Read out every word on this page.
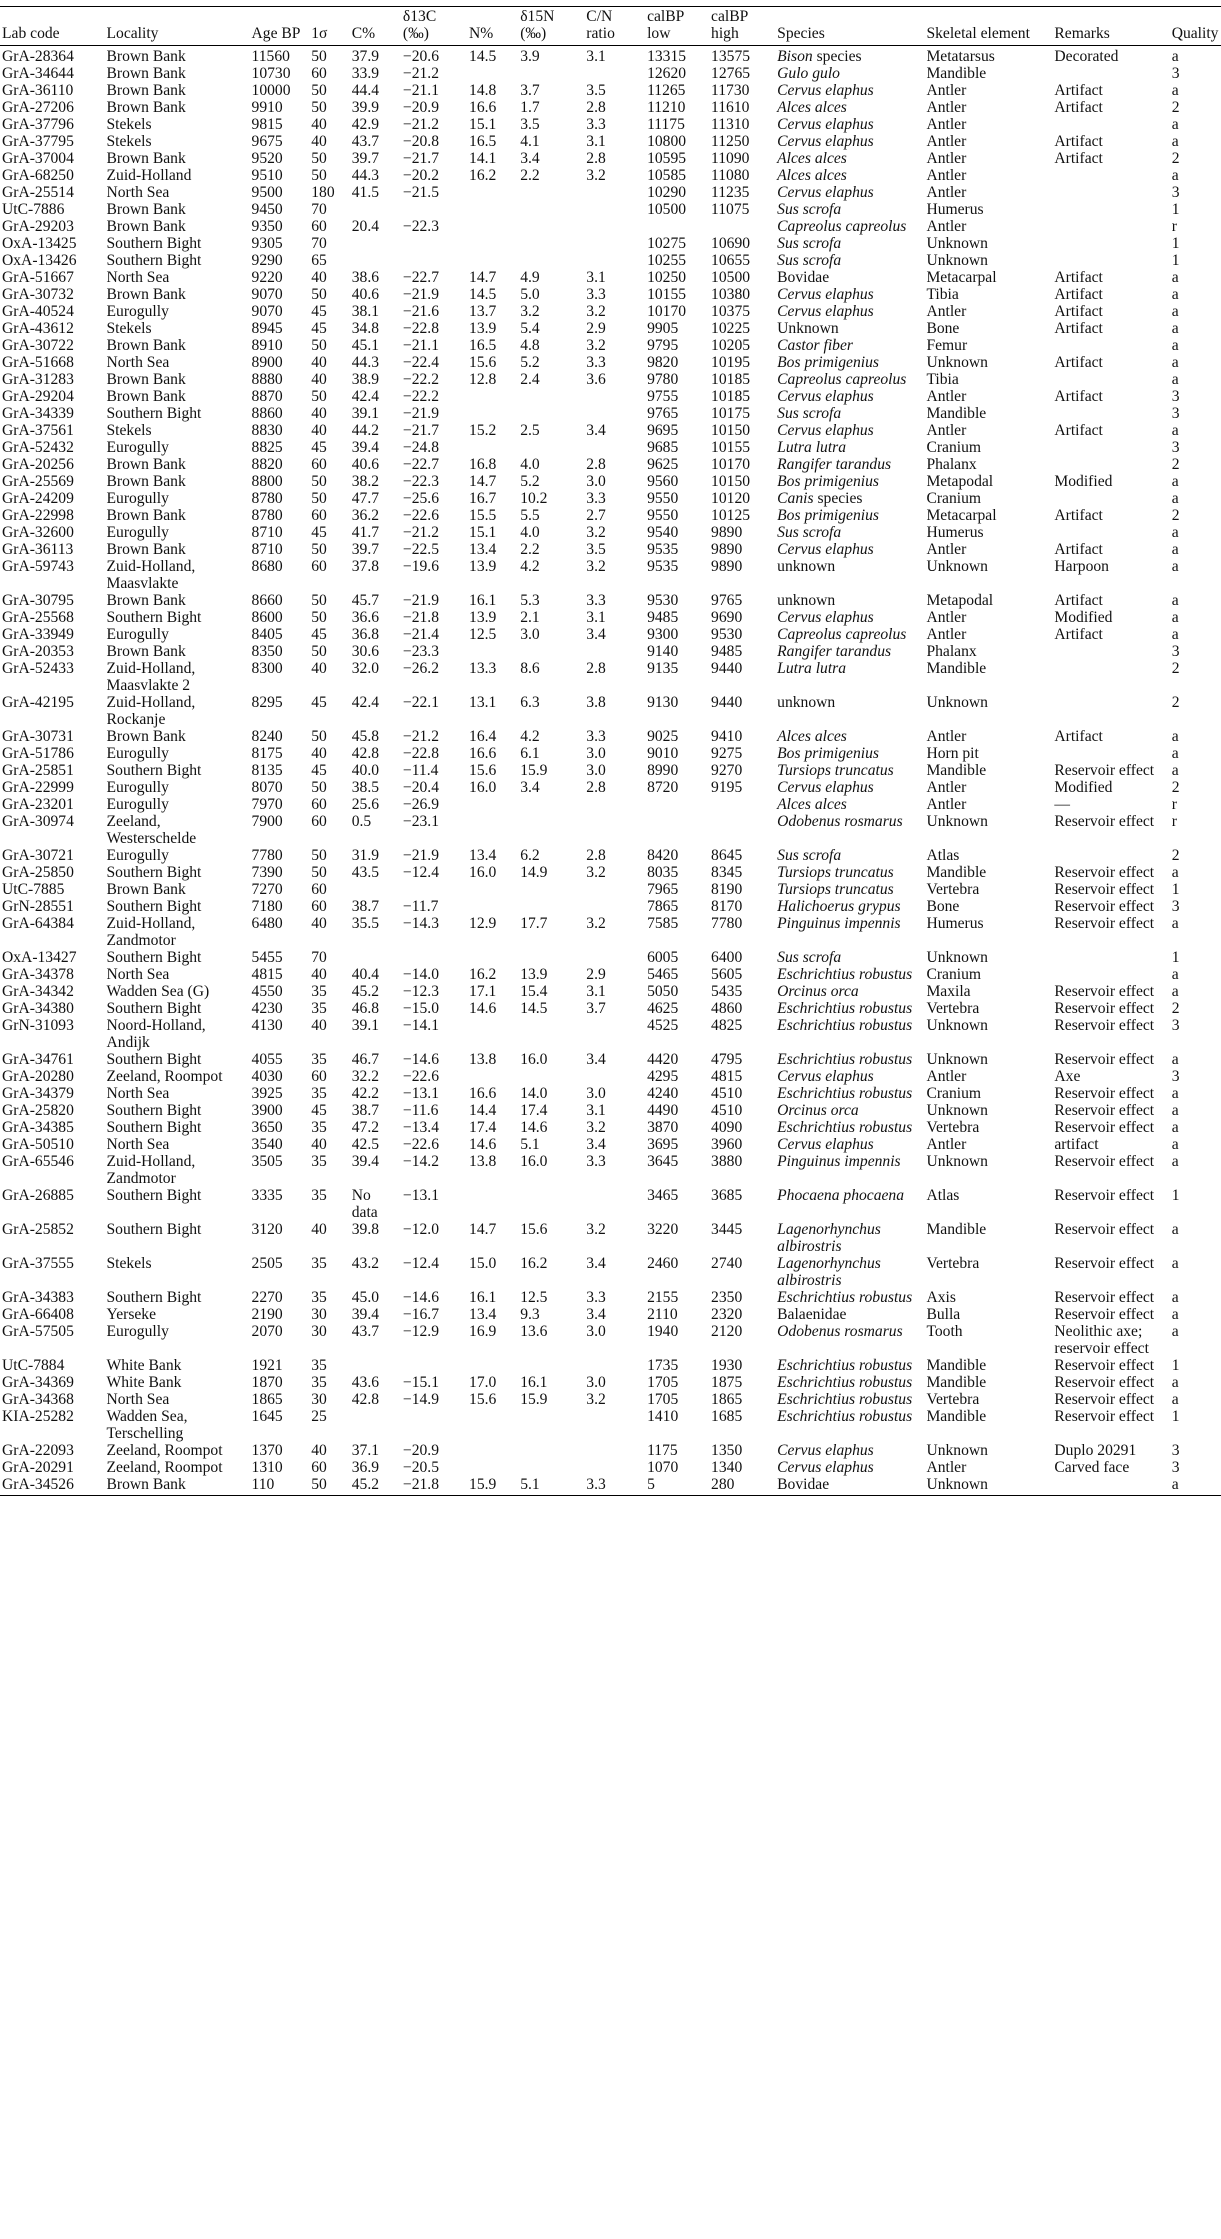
Lab code	Locality	Age BP	1σ	C%	δ13C (‰)	N%	δ15N (‰)	C/N ratio	calBP low	calBP high	Species	Skeletal element	Remarks	Quality
GrA-28364	Brown Bank	11560	50	37.9	−20.6	14.5	3.9	3.1	13315	13575	Bison species	Metatarsus	Decorated	a
GrA-34644	Brown Bank	10730	60	33.9	−21.2				12620	12765	Gulo gulo	Mandible		3
GrA-36110	Brown Bank	10000	50	44.4	−21.1	14.8	3.7	3.5	11265	11730	Cervus elaphus	Antler	Artifact	a
GrA-27206	Brown Bank	9910	50	39.9	−20.9	16.6	1.7	2.8	11210	11610	Alces alces	Antler	Artifact	2
GrA-37796	Stekels	9815	40	42.9	−21.2	15.1	3.5	3.3	11175	11310	Cervus elaphus	Antler		a
GrA-37795	Stekels	9675	40	43.7	−20.8	16.5	4.1	3.1	10800	11250	Cervus elaphus	Antler	Artifact	a
GrA-37004	Brown Bank	9520	50	39.7	−21.7	14.1	3.4	2.8	10595	11090	Alces alces	Antler	Artifact	2
GrA-68250	Zuid-Holland	9510	50	44.3	−20.2	16.2	2.2	3.2	10585	11080	Alces alces	Antler		a
GrA-25514	North Sea	9500	180	41.5	−21.5				10290	11235	Cervus elaphus	Antler		3
UtC-7886	Brown Bank	9450	70						10500	11075	Sus scrofa	Humerus		1
GrA-29203	Brown Bank	9350	60	20.4	−22.3						Capreolus capreolus	Antler		r
OxA-13425	Southern Bight	9305	70						10275	10690	Sus scrofa	Unknown		1
OxA-13426	Southern Bight	9290	65						10255	10655	Sus scrofa	Unknown		1
GrA-51667	North Sea	9220	40	38.6	−22.7	14.7	4.9	3.1	10250	10500	Bovidae	Metacarpal	Artifact	a
GrA-30732	Brown Bank	9070	50	40.6	−21.9	14.5	5.0	3.3	10155	10380	Cervus elaphus	Tibia	Artifact	a
GrA-40524	Eurogully	9070	45	38.1	−21.6	13.7	3.2	3.2	10170	10375	Cervus elaphus	Antler	Artifact	a
GrA-43612	Stekels	8945	45	34.8	−22.8	13.9	5.4	2.9	9905	10225	Unknown	Bone	Artifact	a
GrA-30722	Brown Bank	8910	50	45.1	−21.1	16.5	4.8	3.2	9795	10205	Castor fiber	Femur		a
GrA-51668	North Sea	8900	40	44.3	−22.4	15.6	5.2	3.3	9820	10195	Bos primigenius	Unknown	Artifact	a
GrA-31283	Brown Bank	8880	40	38.9	−22.2	12.8	2.4	3.6	9780	10185	Capreolus capreolus	Tibia		a
GrA-29204	Brown Bank	8870	50	42.4	−22.2				9755	10185	Cervus elaphus	Antler	Artifact	3
GrA-34339	Southern Bight	8860	40	39.1	−21.9				9765	10175	Sus scrofa	Mandible		3
GrA-37561	Stekels	8830	40	44.2	−21.7	15.2	2.5	3.4	9695	10150	Cervus elaphus	Antler	Artifact	a
GrA-52432	Eurogully	8825	45	39.4	−24.8				9685	10155	Lutra lutra	Cranium		3
GrA-20256	Brown Bank	8820	60	40.6	−22.7	16.8	4.0	2.8	9625	10170	Rangifer tarandus	Phalanx		2
GrA-25569	Brown Bank	8800	50	38.2	−22.3	14.7	5.2	3.0	9560	10150	Bos primigenius	Metapodal	Modified	a
GrA-24209	Eurogully	8780	50	47.7	−25.6	16.7	10.2	3.3	9550	10120	Canis species	Cranium		a
GrA-22998	Brown Bank	8780	60	36.2	−22.6	15.5	5.5	2.7	9550	10125	Bos primigenius	Metacarpal	Artifact	2
GrA-32600	Eurogully	8710	45	41.7	−21.2	15.1	4.0	3.2	9540	9890	Sus scrofa	Humerus		a
GrA-36113	Brown Bank	8710	50	39.7	−22.5	13.4	2.2	3.5	9535	9890	Cervus elaphus	Antler	Artifact	a
GrA-59743	Zuid-Holland, Maasvlakte	8680	60	37.8	−19.6	13.9	4.2	3.2	9535	9890	unknown	Unknown	Harpoon	a
GrA-30795	Brown Bank	8660	50	45.7	−21.9	16.1	5.3	3.3	9530	9765	unknown	Metapodal	Artifact	a
GrA-25568	Southern Bight	8600	50	36.6	−21.8	13.9	2.1	3.1	9485	9690	Cervus elaphus	Antler	Modified	a
GrA-33949	Eurogully	8405	45	36.8	−21.4	12.5	3.0	3.4	9300	9530	Capreolus capreolus	Antler	Artifact	a
GrA-20353	Brown Bank	8350	50	30.6	−23.3				9140	9485	Rangifer tarandus	Phalanx		3
GrA-52433	Zuid-Holland, Maasvlakte 2	8300	40	32.0	−26.2	13.3	8.6	2.8	9135	9440	Lutra lutra	Mandible		2
GrA-42195	Zuid-Holland, Rockanje	8295	45	42.4	−22.1	13.1	6.3	3.8	9130	9440	unknown	Unknown		2
GrA-30731	Brown Bank	8240	50	45.8	−21.2	16.4	4.2	3.3	9025	9410	Alces alces	Antler	Artifact	a
GrA-51786	Eurogully	8175	40	42.8	−22.8	16.6	6.1	3.0	9010	9275	Bos primigenius	Horn pit		a
GrA-25851	Southern Bight	8135	45	40.0	−11.4	15.6	15.9	3.0	8990	9270	Tursiops truncatus	Mandible	Reservoir effect	a
GrA-22999	Eurogully	8070	50	38.5	−20.4	16.0	3.4	2.8	8720	9195	Cervus elaphus	Antler	Modified	2
GrA-23201	Eurogully	7970	60	25.6	−26.9						Alces alces	Antler	—	r
GrA-30974	Zeeland, Westerschelde	7900	60	0.5	−23.1						Odobenus rosmarus	Unknown	Reservoir effect	r
GrA-30721	Eurogully	7780	50	31.9	−21.9	13.4	6.2	2.8	8420	8645	Sus scrofa	Atlas		2
GrA-25850	Southern Bight	7390	50	43.5	−12.4	16.0	14.9	3.2	8035	8345	Tursiops truncatus	Mandible	Reservoir effect	a
UtC-7885	Brown Bank	7270	60						7965	8190	Tursiops truncatus	Vertebra	Reservoir effect	1
GrN-28551	Southern Bight	7180	60	38.7	−11.7				7865	8170	Halichoerus grypus	Bone	Reservoir effect	3
GrA-64384	Zuid-Holland, Zandmotor	6480	40	35.5	−14.3	12.9	17.7	3.2	7585	7780	Pinguinus impennis	Humerus	Reservoir effect	a
OxA-13427	Southern Bight	5455	70						6005	6400	Sus scrofa	Unknown		1
GrA-34378	North Sea	4815	40	40.4	−14.0	16.2	13.9	2.9	5465	5605	Eschrichtius robustus	Cranium		a
GrA-34342	Wadden Sea (G)	4550	35	45.2	−12.3	17.1	15.4	3.1	5050	5435	Orcinus orca	Maxila	Reservoir effect	a
GrA-34380	Southern Bight	4230	35	46.8	−15.0	14.6	14.5	3.7	4625	4860	Eschrichtius robustus	Vertebra	Reservoir effect	2
GrN-31093	Noord-Holland, Andijk	4130	40	39.1	−14.1				4525	4825	Eschrichtius robustus	Unknown	Reservoir effect	3
GrA-34761	Southern Bight	4055	35	46.7	−14.6	13.8	16.0	3.4	4420	4795	Eschrichtius robustus	Unknown	Reservoir effect	a
GrA-20280	Zeeland, Roompot	4030	60	32.2	−22.6				4295	4815	Cervus elaphus	Antler	Axe	3
GrA-34379	North Sea	3925	35	42.2	−13.1	16.6	14.0	3.0	4240	4510	Eschrichtius robustus	Cranium	Reservoir effect	a
GrA-25820	Southern Bight	3900	45	38.7	−11.6	14.4	17.4	3.1	4490	4510	Orcinus orca	Unknown	Reservoir effect	a
GrA-34385	Southern Bight	3650	35	47.2	−13.4	17.4	14.6	3.2	3870	4090	Eschrichtius robustus	Vertebra	Reservoir effect	a
GrA-50510	North Sea	3540	40	42.5	−22.6	14.6	5.1	3.4	3695	3960	Cervus elaphus	Antler	artifact	a
GrA-65546	Zuid-Holland, Zandmotor	3505	35	39.4	−14.2	13.8	16.0	3.3	3645	3880	Pinguinus impennis	Unknown	Reservoir effect	a
GrA-26885	Southern Bight	3335	35	No data	−13.1				3465	3685	Phocaena phocaena	Atlas	Reservoir effect	1
GrA-25852	Southern Bight	3120	40	39.8	−12.0	14.7	15.6	3.2	3220	3445	Lagenorhynchus albirostris	Mandible	Reservoir effect	a
GrA-37555	Stekels	2505	35	43.2	−12.4	15.0	16.2	3.4	2460	2740	Lagenorhynchus albirostris	Vertebra	Reservoir effect	a
GrA-34383	Southern Bight	2270	35	45.0	−14.6	16.1	12.5	3.3	2155	2350	Eschrichtius robustus	Axis	Reservoir effect	a
GrA-66408	Yerseke	2190	30	39.4	−16.7	13.4	9.3	3.4	2110	2320	Balaenidae	Bulla	Reservoir effect	a
GrA-57505	Eurogully	2070	30	43.7	−12.9	16.9	13.6	3.0	1940	2120	Odobenus rosmarus	Tooth	Neolithic axe; reservoir effect	a
UtC-7884	White Bank	1921	35						1735	1930	Eschrichtius robustus	Mandible	Reservoir effect	1
GrA-34369	White Bank	1870	35	43.6	−15.1	17.0	16.1	3.0	1705	1875	Eschrichtius robustus	Mandible	Reservoir effect	a
GrA-34368	North Sea	1865	30	42.8	−14.9	15.6	15.9	3.2	1705	1865	Eschrichtius robustus	Vertebra	Reservoir effect	a
KIA-25282	Wadden Sea, Terschelling	1645	25						1410	1685	Eschrichtius robustus	Mandible	Reservoir effect	1
GrA-22093	Zeeland, Roompot	1370	40	37.1	−20.9				1175	1350	Cervus elaphus	Unknown	Duplo 20291	3
GrA-20291	Zeeland, Roompot	1310	60	36.9	−20.5				1070	1340	Cervus elaphus	Antler	Carved face	3
GrA-34526	Brown Bank	110	50	45.2	−21.8	15.9	5.1	3.3	5	280	Bovidae	Unknown		a
